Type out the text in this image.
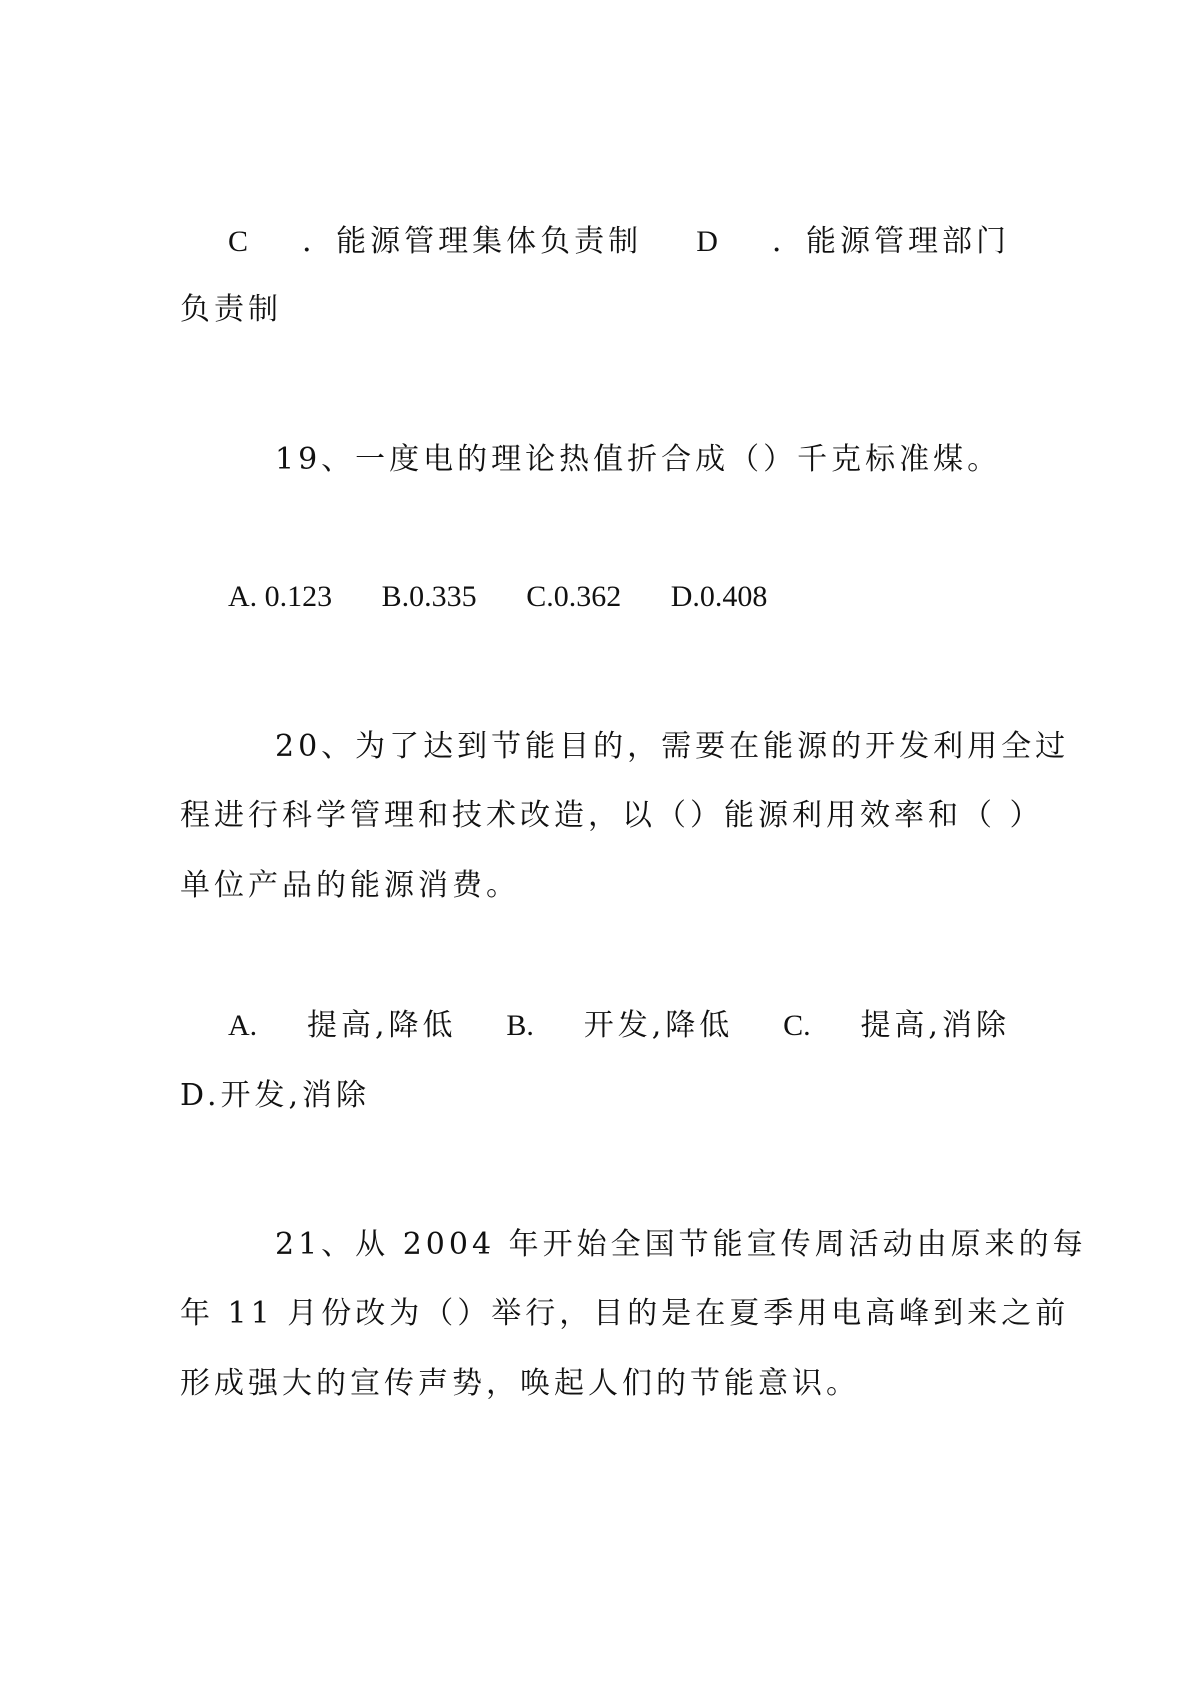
C ．能源管理集体负责制 D ．能源管理部门
负责制
19、一度电的理论热值折合成（）千克标准煤。
A. 0.123 B.0.335 C.0.362 D.0.408
20、为了达到节能目的，需要在能源的开发利用全过
程进行科学管理和技术改造，以（）能源利用效率和（ ）
单位产品的能源消费。
A. 提高,降低 B. 开发,降低 C. 提高,消除
D.开发,消除
21、从 2004 年开始全国节能宣传周活动由原来的每
年 11 月份改为（）举行，目的是在夏季用电高峰到来之前
形成强大的宣传声势，唤起人们的节能意识。
